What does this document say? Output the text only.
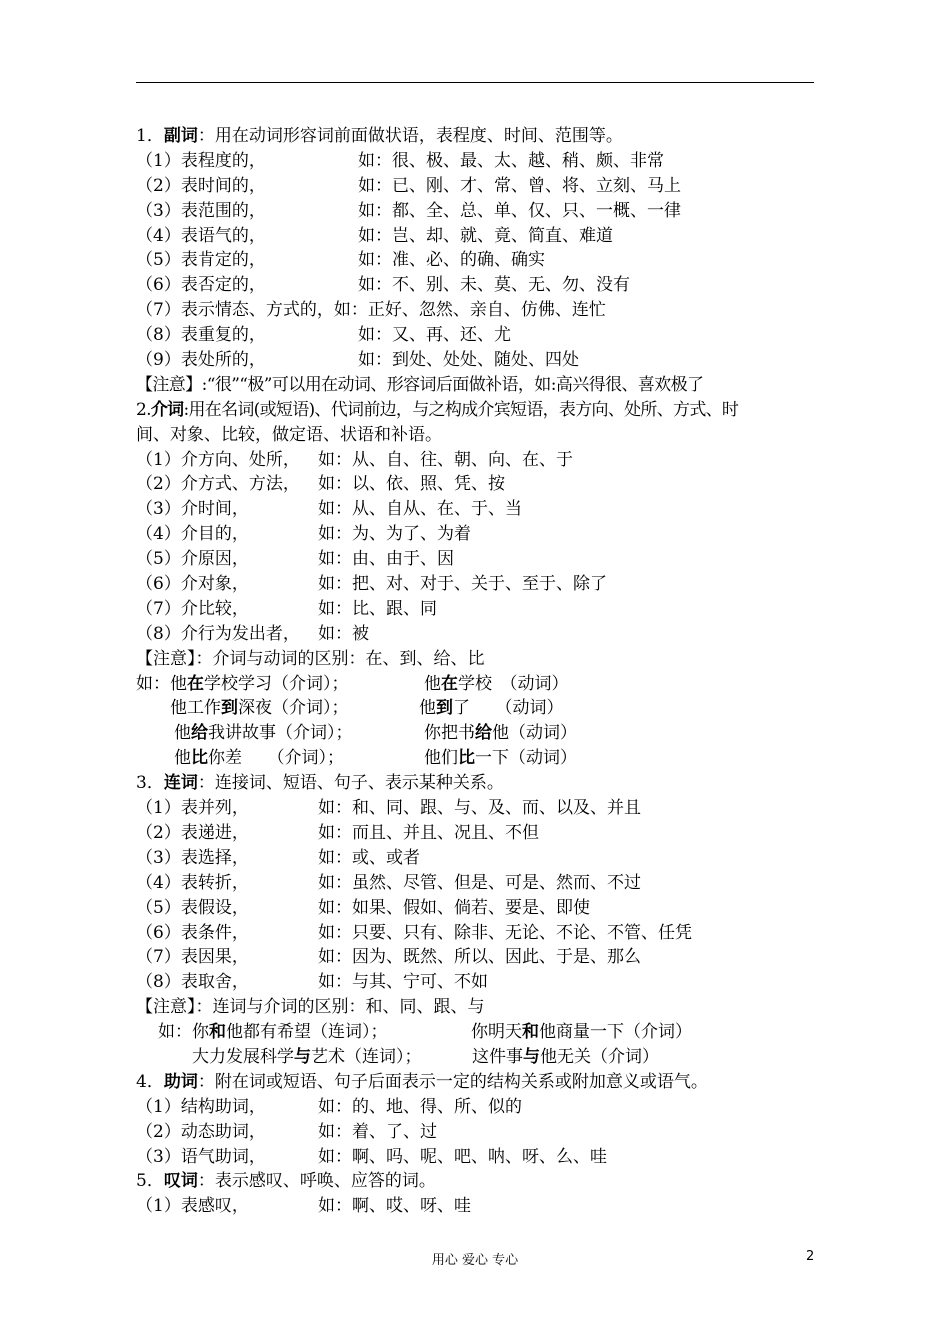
1．副词：用在动词形容词前面做状语，表程度、时间、范围等。
（1）表程度的，	如：很、极、最、太、越、稍、颇、非常
（2）表时间的，	如：已、刚、才、常、曾、将、立刻、马上
（3）表范围的，	如：都、全、总、单、仅、只、一概、一律
（4）表语气的，	如：岂、却、就、竟、简直、难道
（5）表肯定的，	如：准、必、的确、确实
（6）表否定的，	如：不、别、未、莫、无、勿、没有
（7）表示情态、方式的，如：正好、忽然、亲自、仿佛、连忙
（8）表重复的，	如：又、再、还、尤
（9）表处所的，	如：到处、处处、随处、四处
【注意】:“很”“极”可以用在动词、形容词后面做补语，如:高兴得很、喜欢极了
2.介词:用在名词(或短语)、代词前边，与之构成介宾短语，表方向、处所、方式、时
间、对象、比较，做定语、状语和补语。
（1）介方向、处所， 如：从、自、往、朝、向、在、于
（2）介方式、方法， 如：以、依、照、凭、按
（3）介时间，	如：从、自从、在、于、当
（4）介目的，	如：为、为了、为着
（5）介原因，	如：由、由于、因
（6）介对象，	如：把、对、对于、关于、至于、除了
（7）介比较，	如：比、跟、同
（8）介行为发出者， 如：被
【注意】：介词与动词的区别：在、到、给、比
如：他在学校学习（介词）；	他在学校　（动词）
他工作到深夜（介词）；	他到了　　（动词）
他给我讲故事（介词）；	你把书给他（动词）
他比你差　　（介词）；	他们比一下（动词）
3．连词：连接词、短语、句子、表示某种关系。
（1）表并列，	如：和、同、跟、与、及、而、以及、并且
（2）表递进，	如：而且、并且、况且、不但
（3）表选择，	如：或、或者
（4）表转折，	如：虽然、尽管、但是、可是、然而、不过
（5）表假设，	如：如果、假如、倘若、要是、即使
（6）表条件，	如：只要、只有、除非、无论、不论、不管、任凭
（7）表因果，	如：因为、既然、所以、因此、于是、那么
（8）表取舍，	如：与其、宁可、不如
【注意】：连词与介词的区别：和、同、跟、与
如：你和他都有希望（连词）；	你明天和他商量一下（介词）
大力发展科学与艺术（连词）；	这件事与他无关（介词）
4．助词：附在词或短语、句子后面表示一定的结构关系或附加意义或语气。
（1）结构助词，	如：的、地、得、所、似的
（2）动态助词，	如：着、了、过
（3）语气助词，	如：啊、吗、呢、吧、呐、呀、么、哇
5．叹词：表示感叹、呼唤、应答的词。
（1）表感叹，	如：啊、哎、呀、哇
用心 爱心 专心	2
